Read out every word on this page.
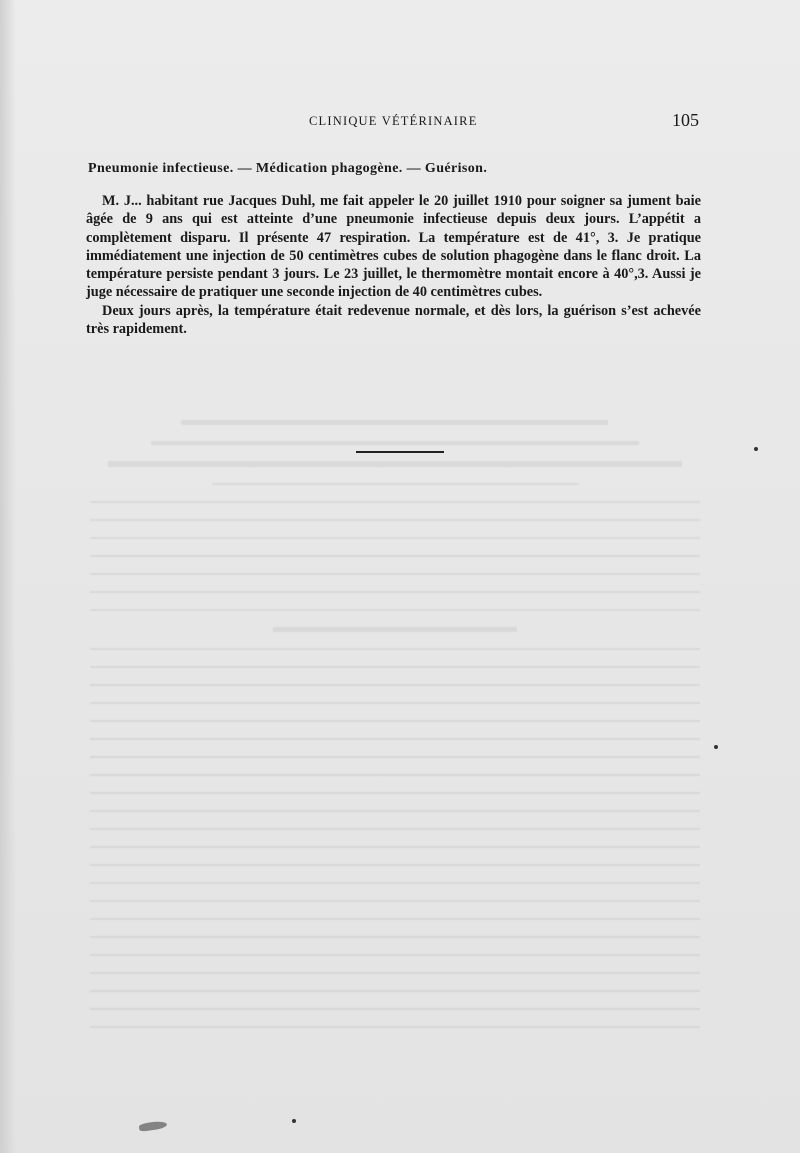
CLINIQUE VÉTÉRINAIRE	105
Pneumonie infectieuse. — Médication phagogène. — Guérison.

M. J... habitant rue Jacques Duhl, me fait appeler le 20 juillet 1910 pour soigner sa jument baie âgée de 9 ans qui est atteinte d’une pneumonie infectieuse depuis deux jours. L’appétit a complètement disparu. Il présente 47 respiration. La température est de 41°, 3. Je pratique immédiatement une injection de 50 centimètres cubes de solution phagogène dans le flanc droit. La température persiste pendant 3 jours. Le 23 juillet, le thermomètre montait encore à 40°,3. Aussi je juge nécessaire de pratiquer une seconde injection de 40 centimètres cubes.

Deux jours après, la température était redevenue normale, et dès lors, la guérison s’est achevée très rapidement.
